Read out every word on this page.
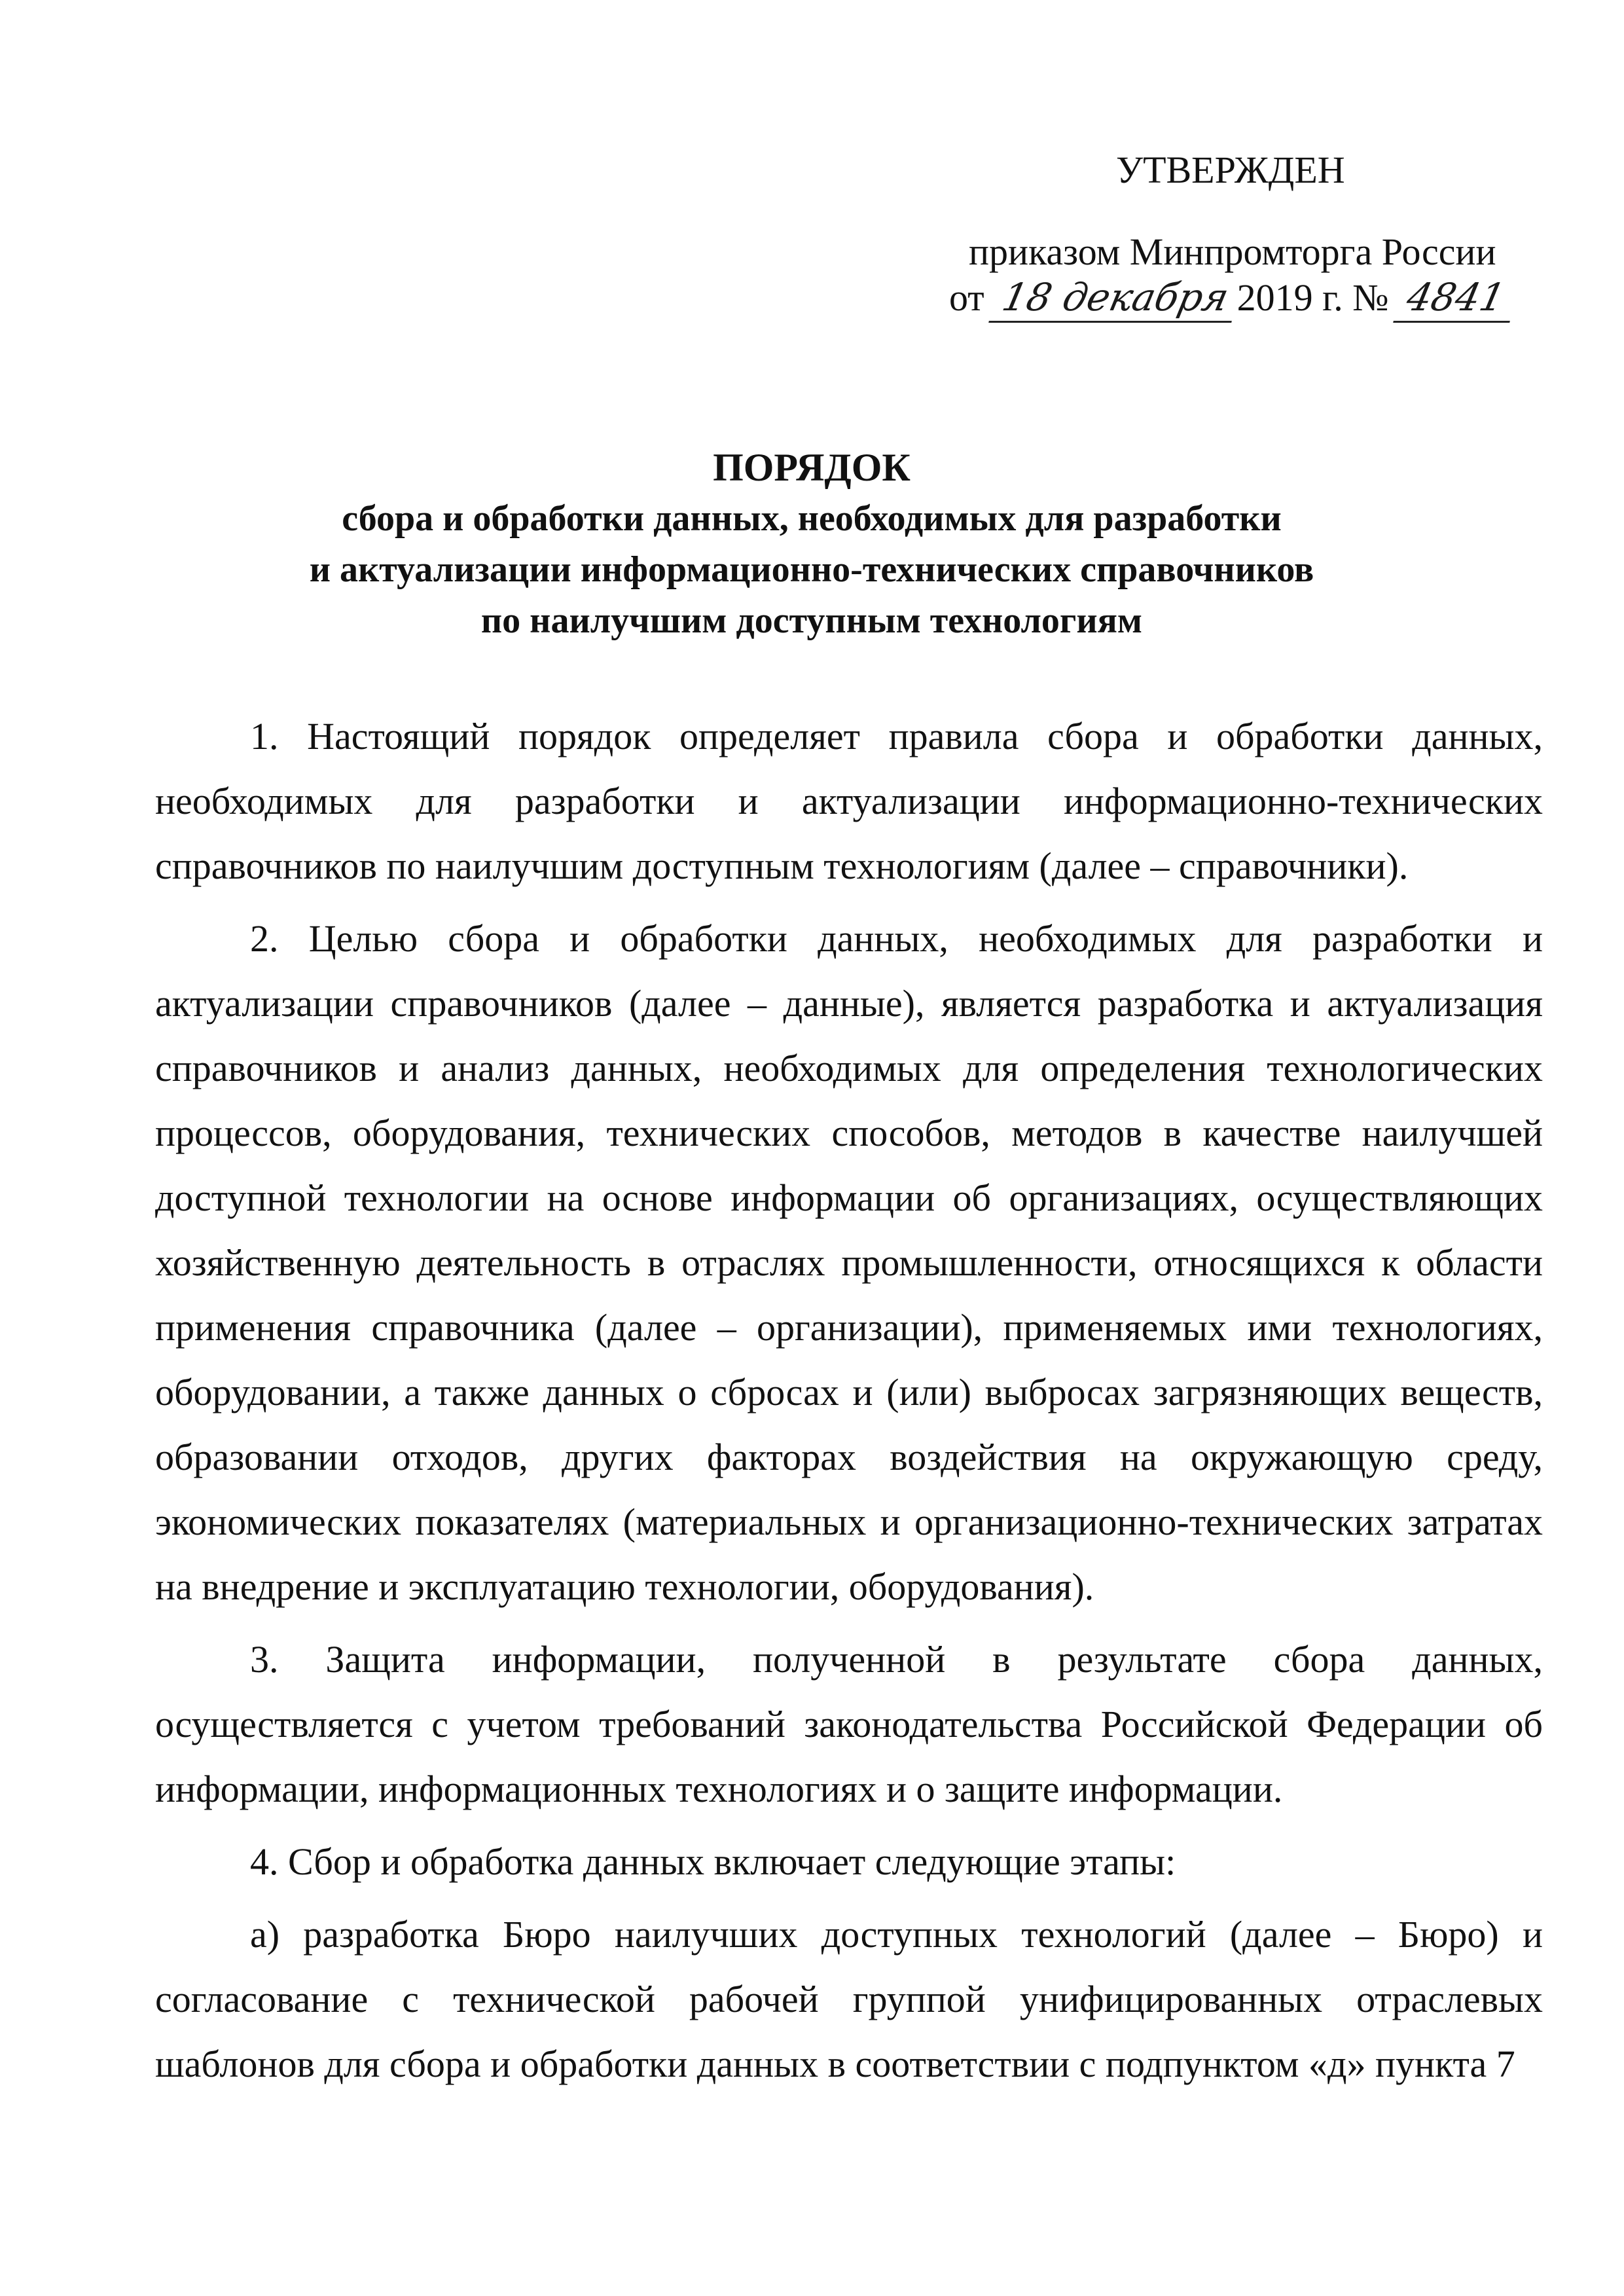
УТВЕРЖДЕН
приказом Минпромторга России
от 18 декабря 2019 г. № 4841
ПОРЯДОК
сбора и обработки данных, необходимых для разработки
и актуализации информационно-технических справочников
по наилучшим доступным технологиям

1. Настоящий порядок определяет правила сбора и обработки данных, необходимых для разработки и актуализации информационно-технических справочников по наилучшим доступным технологиям (далее – справочники).

2. Целью сбора и обработки данных, необходимых для разработки и актуализации справочников (далее – данные), является разработка и актуализация справочников и анализ данных, необходимых для определения технологических процессов, оборудования, технических способов, методов в качестве наилучшей доступной технологии на основе информации об организациях, осуществляющих хозяйственную деятельность в отраслях промышленности, относящихся к области применения справочника (далее – организации), применяемых ими технологиях, оборудовании, а также данных о сбросах и (или) выбросах загрязняющих веществ, образовании отходов, других факторах воздействия на окружающую среду, экономических показателях (материальных и организационно-технических затратах на внедрение и эксплуатацию технологии, оборудования).

3. Защита информации, полученной в результате сбора данных, осуществляется с учетом требований законодательства Российской Федерации об информации, информационных технологиях и о защите информации.

4. Сбор и обработка данных включает следующие этапы:

а) разработка Бюро наилучших доступных технологий (далее – Бюро) и согласование с технической рабочей группой унифицированных отраслевых шаблонов для сбора и обработки данных в соответствии с подпунктом «д» пункта 7
